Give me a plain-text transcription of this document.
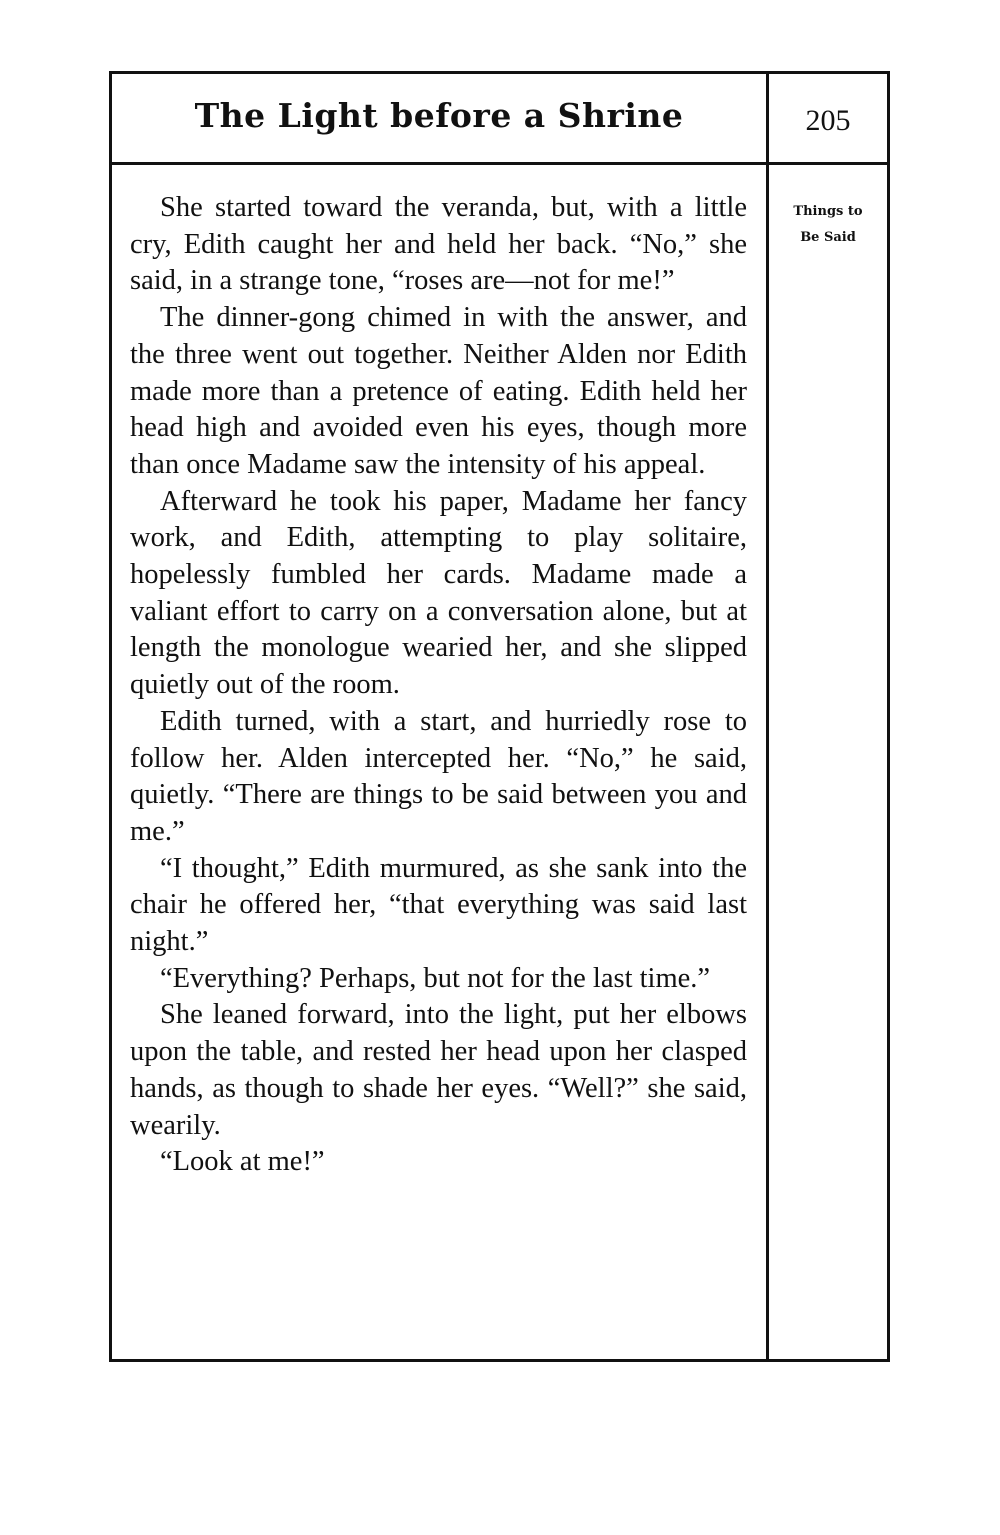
The Light before a Shrine	205
Things to
Be Said

She started toward the veranda, but, with a little cry, Edith caught her and held her back. “No,” she said, in a strange tone, “roses are—not for me!”

The dinner-gong chimed in with the answer, and the three went out together. Neither Alden nor Edith made more than a pretence of eating. Edith held her head high and avoided even his eyes, though more than once Madame saw the intensity of his appeal.

Afterward he took his paper, Madame her fancy work, and Edith, attempting to play solitaire, hopelessly fumbled her cards. Madame made a valiant effort to carry on a conversation alone, but at length the monologue wearied her, and she slipped quietly out of the room.

Edith turned, with a start, and hurriedly rose to follow her. Alden intercepted her. “No,” he said, quietly. “There are things to be said between you and me.”

“I thought,” Edith murmured, as she sank into the chair he offered her, “that everything was said last night.”

“Everything? Perhaps, but not for the last time.”

She leaned forward, into the light, put her elbows upon the table, and rested her head upon her clasped hands, as though to shade her eyes. “Well?” she said, wearily.

“Look at me!”
